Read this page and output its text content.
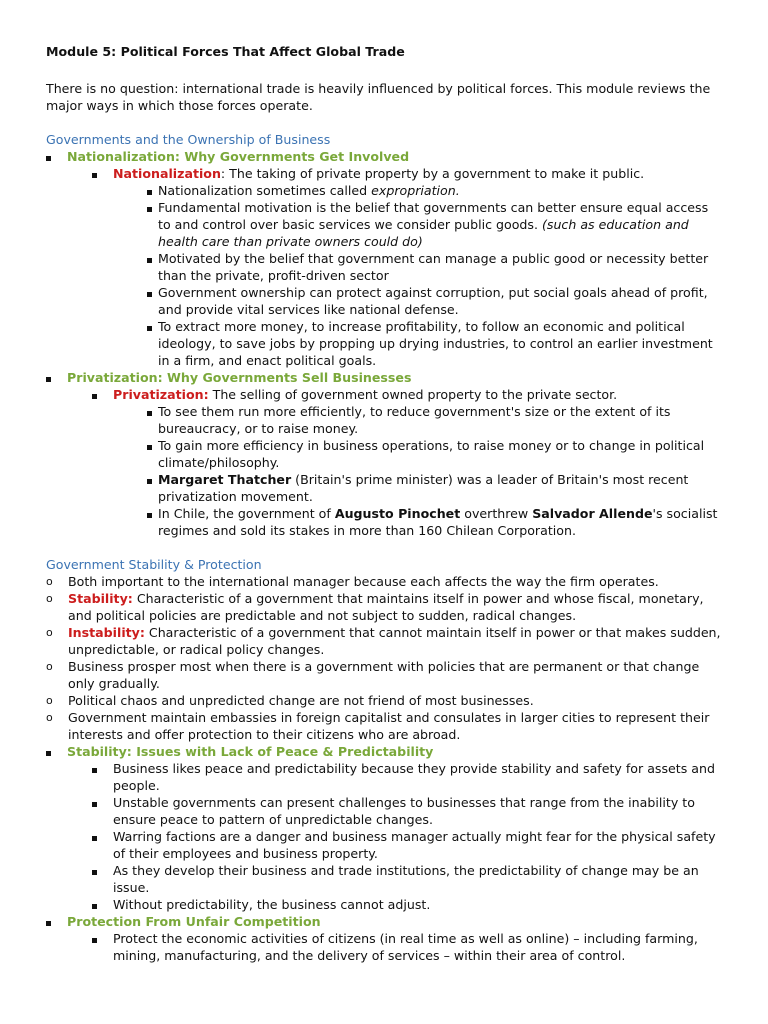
Module 5: Political Forces That Affect Global Trade
There is no question: international trade is heavily influenced by political forces. This module reviews the
major ways in which those forces operate.
Governments and the Ownership of Business
Nationalization: Why Governments Get Involved
Nationalization: The taking of private property by a government to make it public.
Nationalization sometimes called expropriation.
Fundamental motivation is the belief that governments can better ensure equal access
to and control over basic services we consider public goods. (such as education and
health care than private owners could do)
Motivated by the belief that government can manage a public good or necessity better
than the private, profit-driven sector
Government ownership can protect against corruption, put social goals ahead of profit,
and provide vital services like national defense.
To extract more money, to increase profitability, to follow an economic and political
ideology, to save jobs by propping up drying industries, to control an earlier investment
in a firm, and enact political goals.
Privatization: Why Governments Sell Businesses
Privatization: The selling of government owned property to the private sector.
To see them run more efficiently, to reduce government's size or the extent of its
bureaucracy, or to raise money.
To gain more efficiency in business operations, to raise money or to change in political
climate/philosophy.
Margaret Thatcher (Britain's prime minister) was a leader of Britain's most recent
privatization movement.
In Chile, the government of Augusto Pinochet overthrew Salvador Allende's socialist
regimes and sold its stakes in more than 160 Chilean Corporation.
Government Stability & Protection
o Both important to the international manager because each affects the way the firm operates.
o Stability: Characteristic of a government that maintains itself in power and whose fiscal, monetary,
and political policies are predictable and not subject to sudden, radical changes.
o Instability: Characteristic of a government that cannot maintain itself in power or that makes sudden,
unpredictable, or radical policy changes.
o Business prosper most when there is a government with policies that are permanent or that change
only gradually.
o Political chaos and unpredicted change are not friend of most businesses.
o Government maintain embassies in foreign capitalist and consulates in larger cities to represent their
interests and offer protection to their citizens who are abroad.
Stability: Issues with Lack of Peace & Predictability
Business likes peace and predictability because they provide stability and safety for assets and
people.
Unstable governments can present challenges to businesses that range from the inability to
ensure peace to pattern of unpredictable changes.
Warring factions are a danger and business manager actually might fear for the physical safety
of their employees and business property.
As they develop their business and trade institutions, the predictability of change may be an
issue.
Without predictability, the business cannot adjust.
Protection From Unfair Competition
Protect the economic activities of citizens (in real time as well as online) – including farming,
mining, manufacturing, and the delivery of services – within their area of control.
